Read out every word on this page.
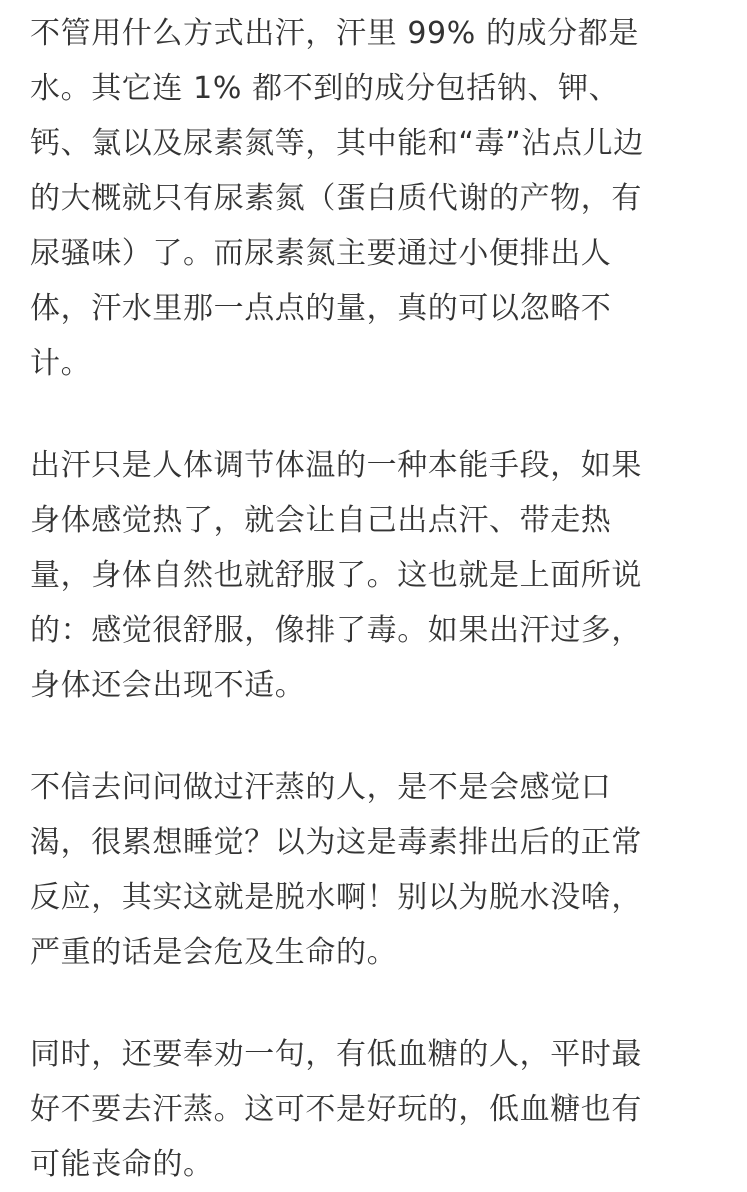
不管用什么方式出汗，汗里 99% 的成分都是
水。其它连 1% 都不到的成分包括钠、钾、
钙、氯以及尿素氮等，其中能和“毒”沾点儿边
的大概就只有尿素氮（蛋白质代谢的产物，有
尿骚味）了。而尿素氮主要通过小便排出人
体，汗水里那一点点的量，真的可以忽略不
计。

出汗只是人体调节体温的一种本能手段，如果
身体感觉热了，就会让自己出点汗、带走热
量，身体自然也就舒服了。这也就是上面所说
的：感觉很舒服，像排了毒。如果出汗过多，
身体还会出现不适。

不信去问问做过汗蒸的人，是不是会感觉口
渴，很累想睡觉？以为这是毒素排出后的正常
反应，其实这就是脱水啊！别以为脱水没啥，
严重的话是会危及生命的。

同时，还要奉劝一句，有低血糖的人，平时最
好不要去汗蒸。这可不是好玩的，低血糖也有
可能丧命的。
